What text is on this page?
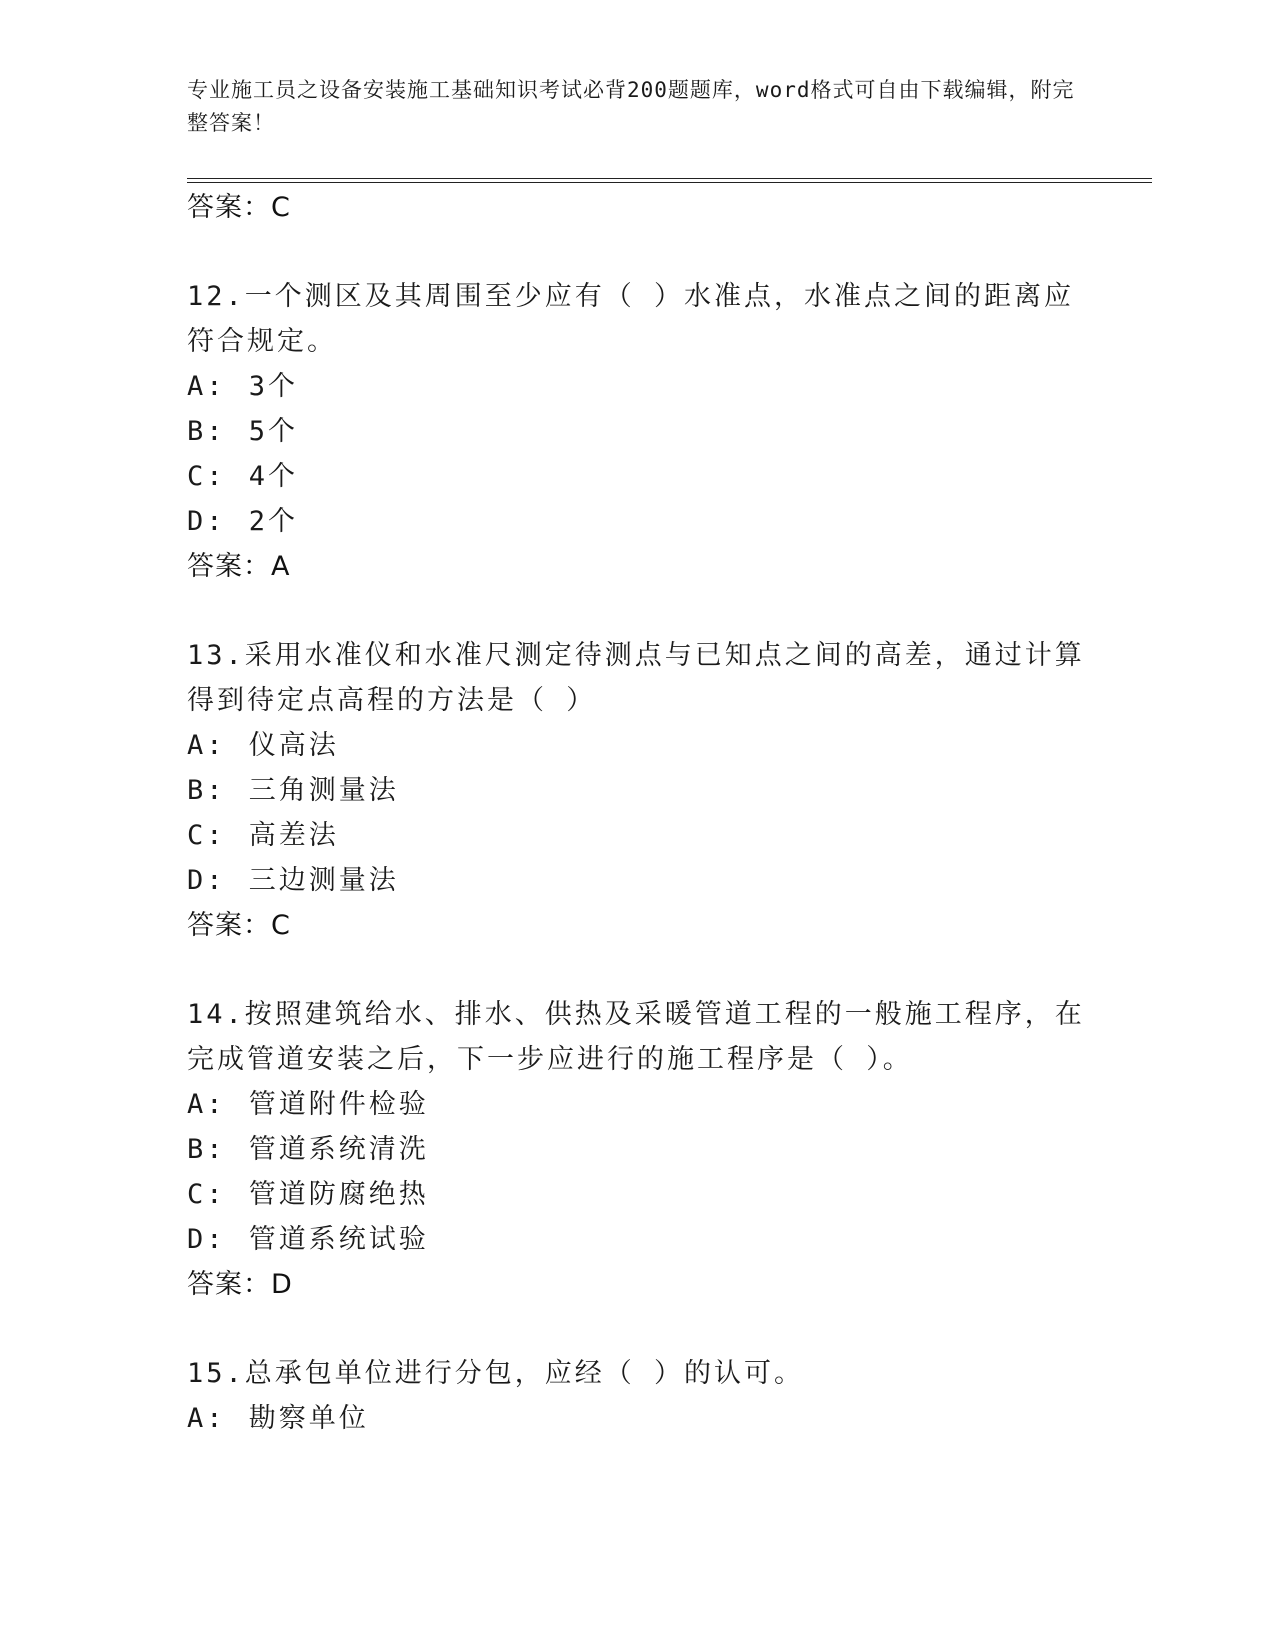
专业施工员之设备安装施工基础知识考试必背200题题库，word格式可自由下载编辑，附完整答案！
答案：C
12.一个测区及其周围至少应有（ ）水准点，水准点之间的距离应符合规定。
A: 3个
B: 5个
C: 4个
D: 2个
答案：A
13.采用水准仪和水准尺测定待测点与已知点之间的高差，通过计算得到待定点高程的方法是（ ）
A: 仪高法
B: 三角测量法
C: 高差法
D: 三边测量法
答案：C
14.按照建筑给水、排水、供热及采暖管道工程的一般施工程序，在完成管道安装之后，下一步应进行的施工程序是（ ）。
A: 管道附件检验
B: 管道系统清洗
C: 管道防腐绝热
D: 管道系统试验
答案：D
15.总承包单位进行分包，应经（ ）的认可。
A: 勘察单位
